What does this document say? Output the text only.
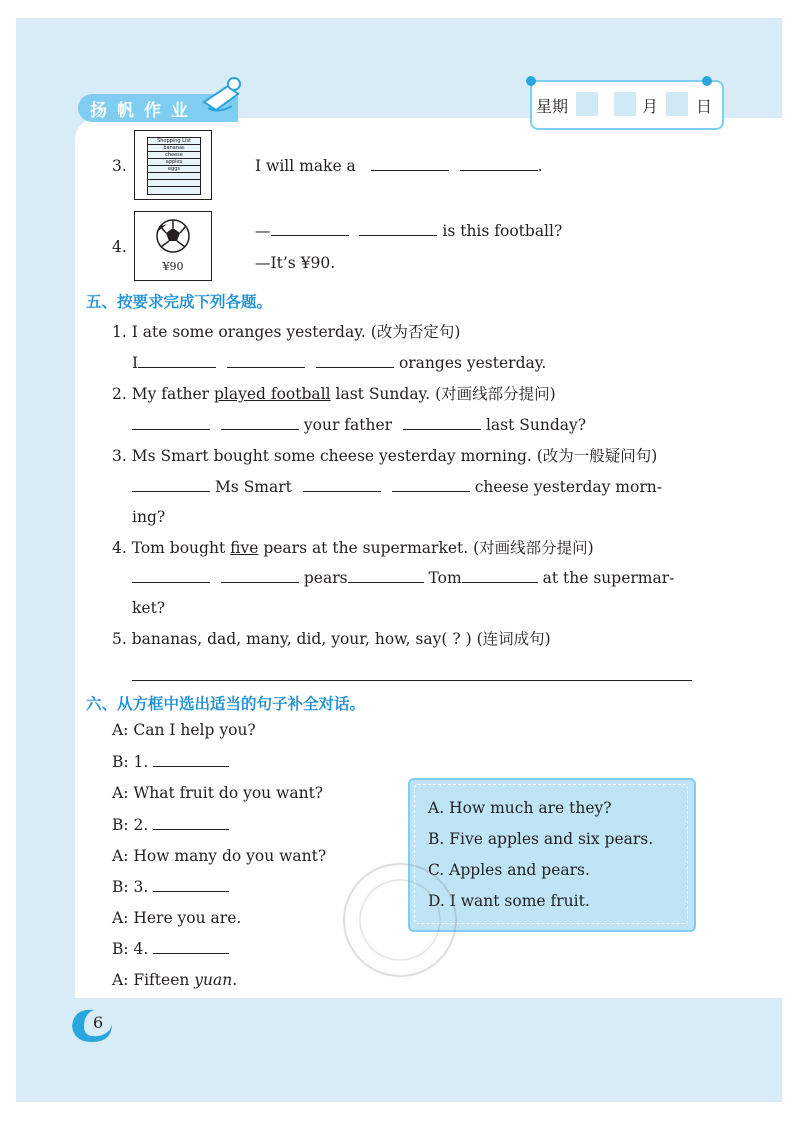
扬帆作业	星期	月 日
3.
Shopping List
bananas
cheese
apples
eggs	I will make a	.
4.
¥90
—	is this football?
—It’s ¥90.
五、按要求完成下列各题。
1. I ate some oranges yesterday. (改为否定句)
I	oranges yesterday.
2. My father played football last Sunday. (对画线部分提问)
your father	last Sunday?
3. Ms Smart bought some cheese yesterday morning. (改为一般疑问句)
Ms Smart	cheese yesterday morn-
ing?
4. Tom bought five pears at the supermarket. (对画线部分提问)
pears	Tom	at the supermar-
ket?
5. bananas, dad, many, did, your, how, say( ? ) (连词成句)
六、从方框中选出适当的句子补全对话。
A: Can I help you?
B: 1.
A: What fruit do you want?
B: 2.
A: How many do you want?
B: 3.
A: Here you are.
B: 4.
A: Fifteen yuan.
A. How much are they?
B. Five apples and six pears.
C. Apples and pears.
D. I want some fruit.
6
